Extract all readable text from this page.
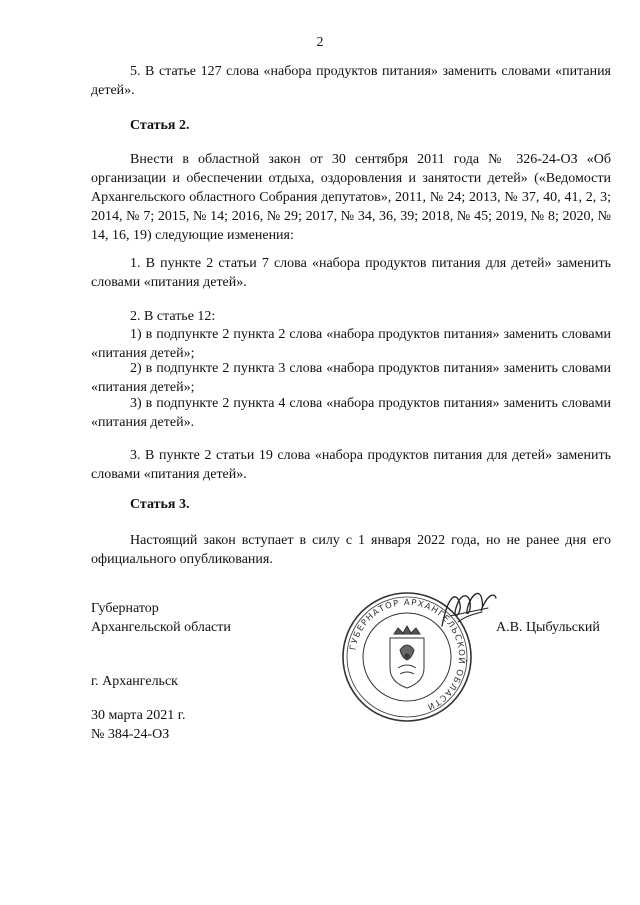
2

5. В статье 127 слова «набора продуктов питания» заменить словами «питания детей».

Статья 2.

Внести в областной закон от 30 сентября 2011 года № 326-24-ОЗ «Об организации и обеспечении отдыха, оздоровления и занятости детей» («Ведомости Архангельского областного Собрания депутатов», 2011, № 24; 2013, № 37, 40, 41, 2, 3; 2014, № 7; 2015, № 14; 2016, № 29; 2017, № 34, 36, 39; 2018, № 45; 2019, № 8; 2020, № 14, 16, 19) следующие изменения:

1. В пункте 2 статьи 7 слова «набора продуктов питания для детей» заменить словами «питания детей».

2. В статье 12:

1) в подпункте 2 пункта 2 слова «набора продуктов питания» заменить словами «питания детей»;

2) в подпункте 2 пункта 3 слова «набора продуктов питания» заменить словами «питания детей»;

3) в подпункте 2 пункта 4 слова «набора продуктов питания» заменить словами «питания детей».

3. В пункте 2 статьи 19 слова «набора продуктов питания для детей» заменить словами «питания детей».

Статья 3.

Настоящий закон вступает в силу с 1 января 2022 года, но не ранее дня его официального опубликования.

Губернатор

Архангельской области	А.В. Цыбульский

г. Архангельск

30 марта 2021 г.

№ 384-24-ОЗ

ГУБЕРНАТОР АРХАНГЕЛЬСКОЙ ОБЛАСТИ
